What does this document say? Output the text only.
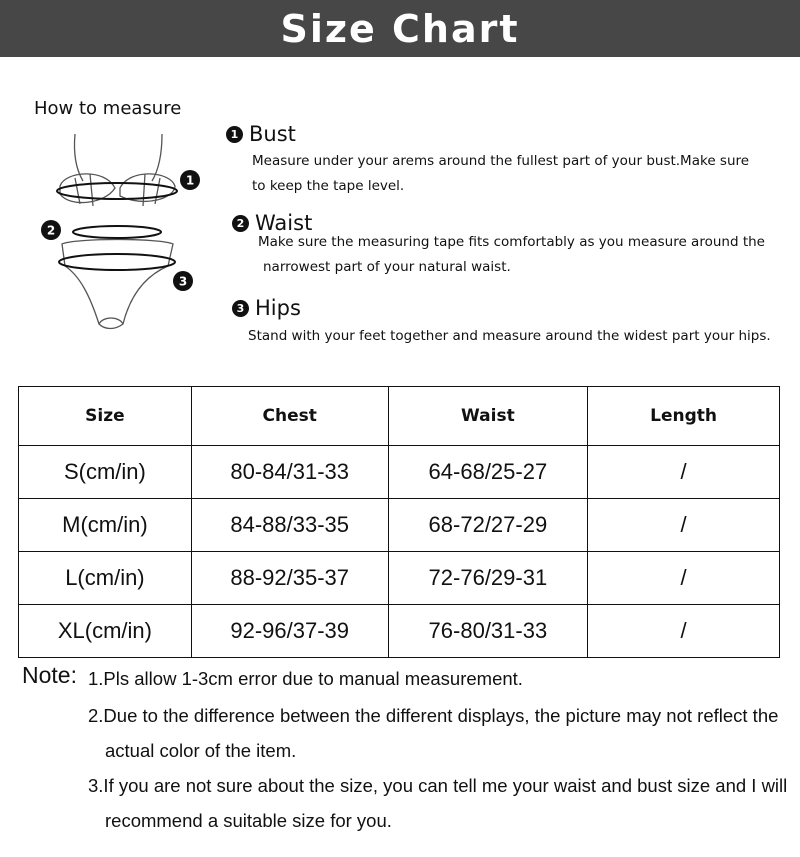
Size Chart
How to measure
1
2
3
1 Bust
Measure under your arems around the fullest part of your bust.Make sure
to keep the tape level.
2 Waist
Make sure the measuring tape fits comfortably as you measure around the
narrowest part of your natural waist.
3 Hips
Stand with your feet together and measure around the widest part your hips.
Size	Chest	Waist	Length
S(cm/in)	80-84/31-33	64-68/25-27	/
M(cm/in)	84-88/33-35	68-72/27-29	/
L(cm/in)	88-92/35-37	72-76/29-31	/
XL(cm/in)	92-96/37-39	76-80/31-33	/
Note: 1.Pls allow 1-3cm error due to manual measurement.
2.Due to the difference between the different displays, the picture may not reflect the actual color of the item.
3.If you are not sure about the size, you can tell me your waist and bust size and I will recommend a suitable size for you.
